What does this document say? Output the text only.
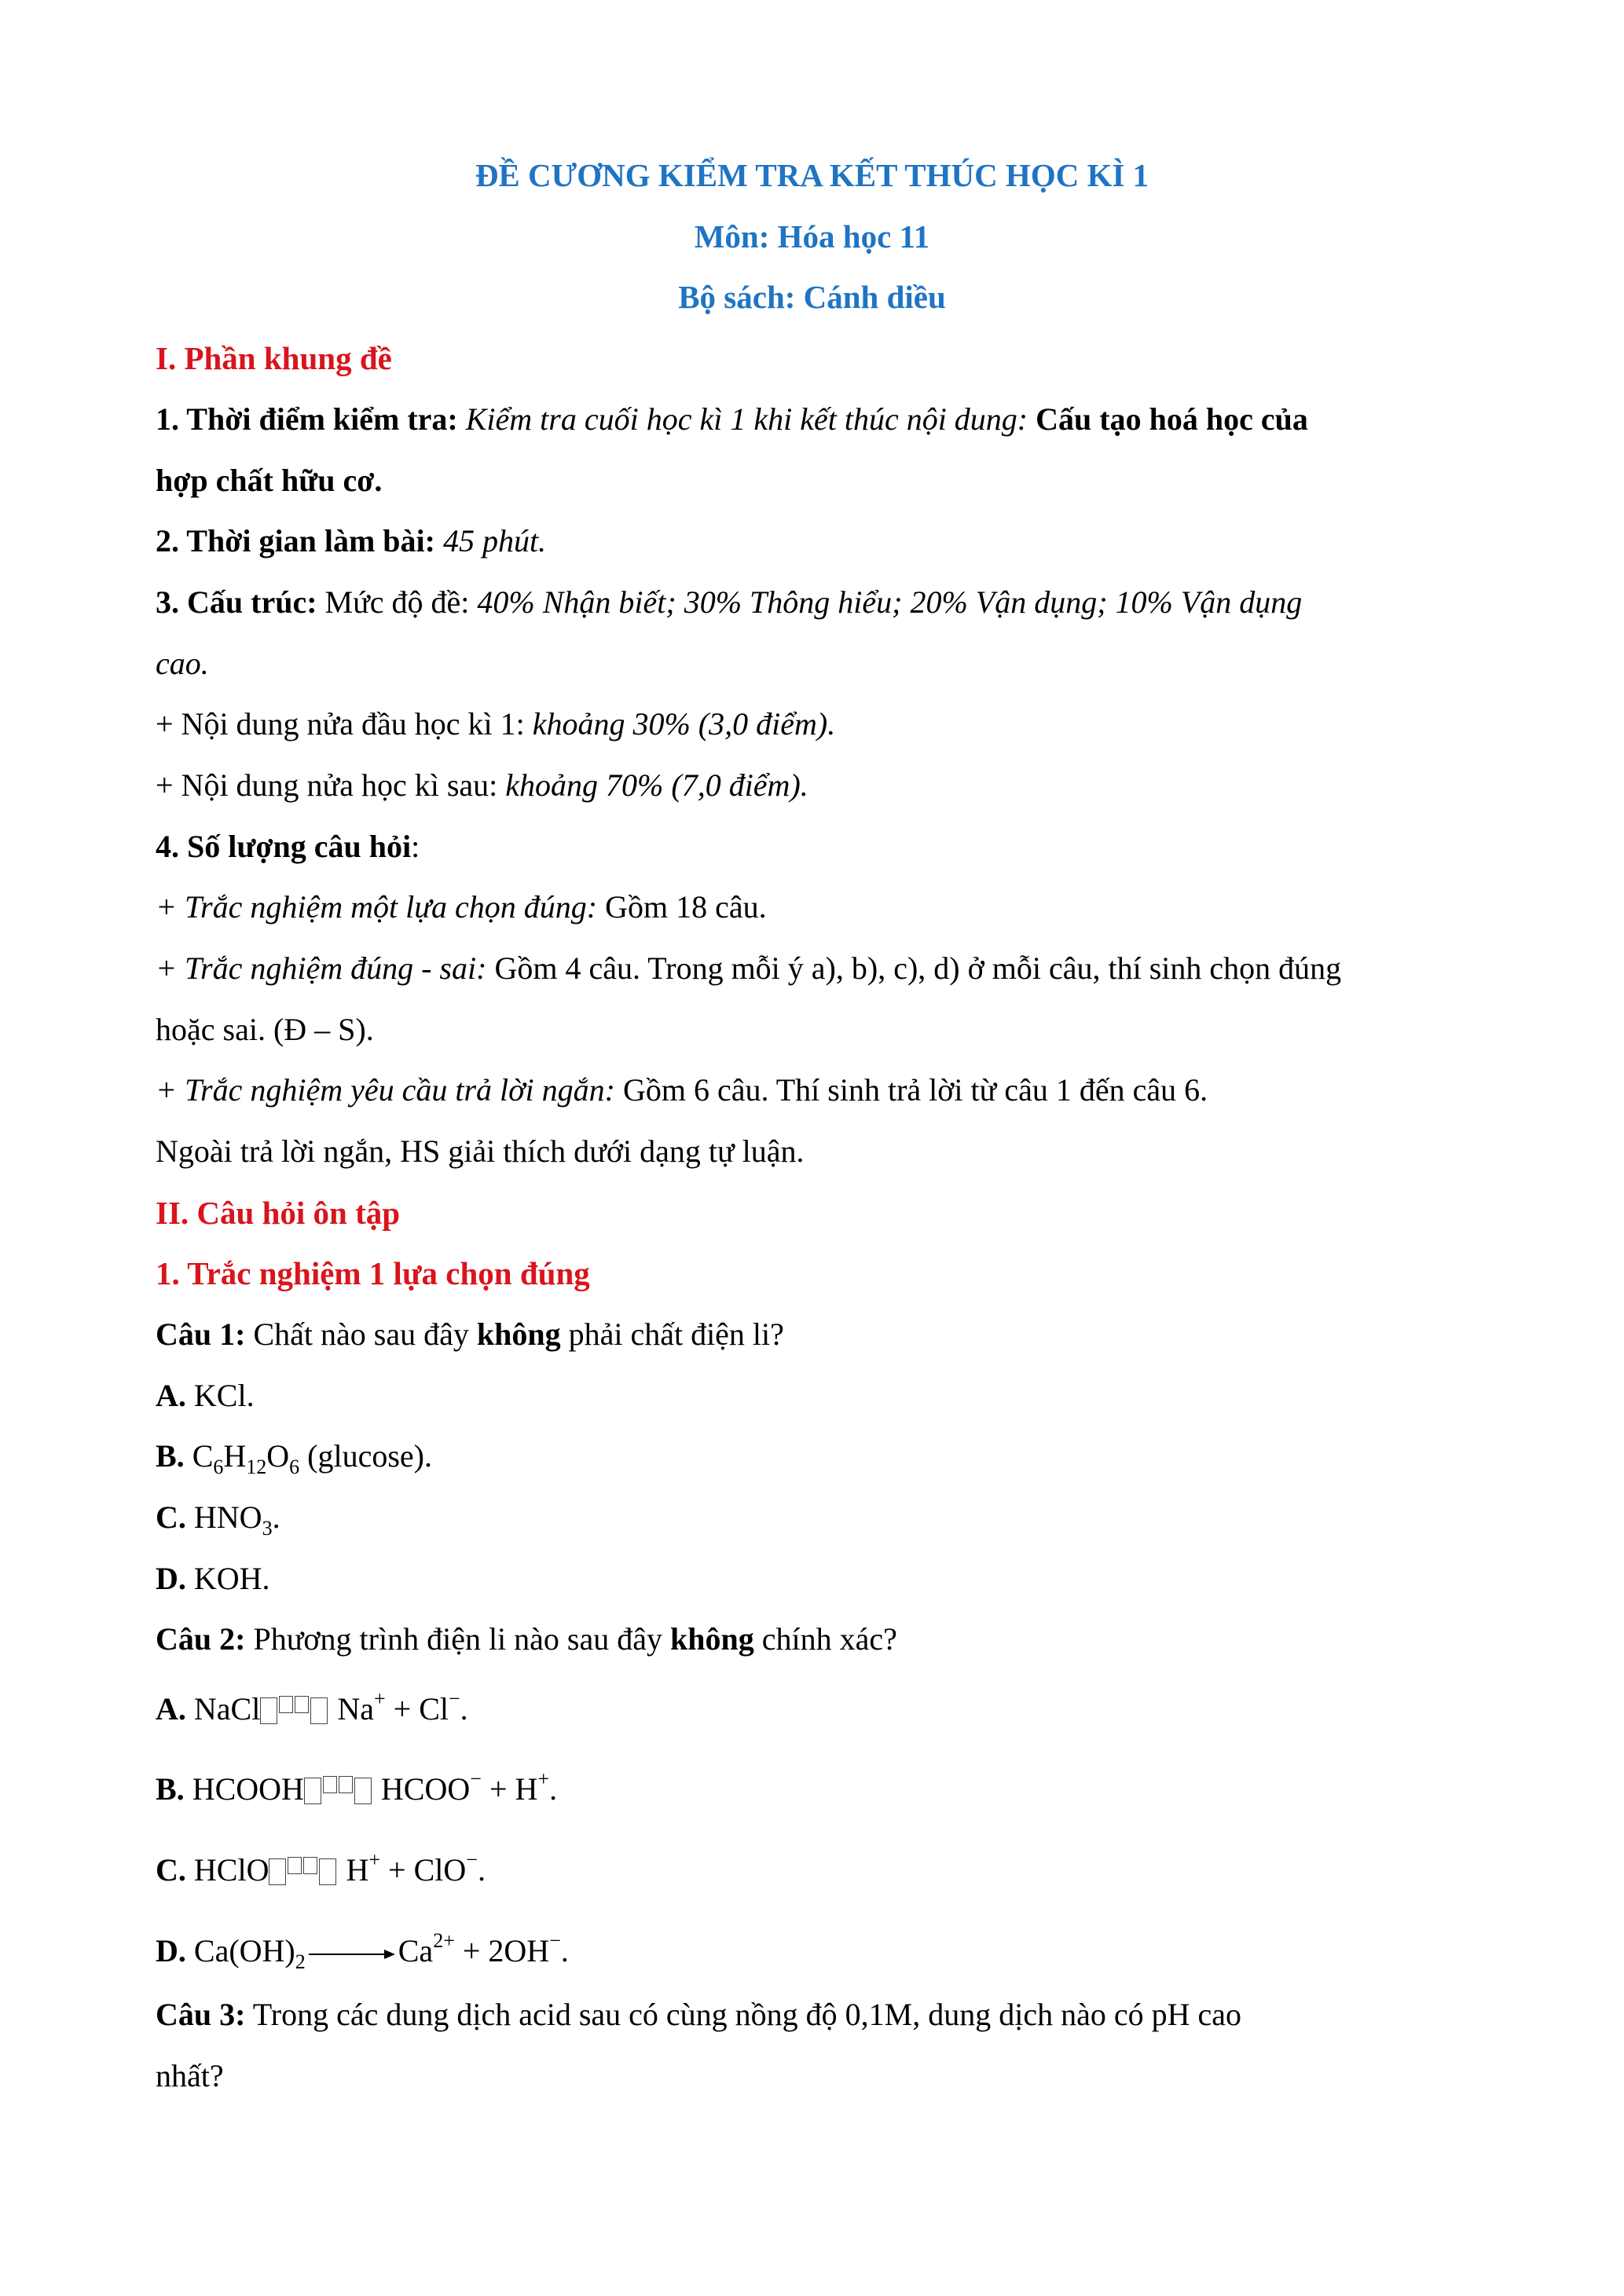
ĐỀ CƯƠNG KIỂM TRA KẾT THÚC HỌC KÌ 1
Môn: Hóa học 11
Bộ sách: Cánh diều
I. Phần khung đề
1. Thời điểm kiểm tra: Kiểm tra cuối học kì 1 khi kết thúc nội dung: Cấu tạo hoá học của
hợp chất hữu cơ.
2. Thời gian làm bài: 45 phút.
3. Cấu trúc: Mức độ đề: 40% Nhận biết; 30% Thông hiểu; 20% Vận dụng; 10% Vận dụng
cao.
+ Nội dung nửa đầu học kì 1: khoảng 30% (3,0 điểm).
+ Nội dung nửa học kì sau: khoảng 70% (7,0 điểm).
4. Số lượng câu hỏi:
+ Trắc nghiệm một lựa chọn đúng: Gồm 18 câu.
+ Trắc nghiệm đúng - sai: Gồm 4 câu. Trong mỗi ý a), b), c), d) ở mỗi câu, thí sinh chọn đúng
hoặc sai. (Đ – S).
+ Trắc nghiệm yêu cầu trả lời ngắn: Gồm 6 câu. Thí sinh trả lời từ câu 1 đến câu 6.
Ngoài trả lời ngắn, HS giải thích dưới dạng tự luận.
II. Câu hỏi ôn tập
1. Trắc nghiệm 1 lựa chọn đúng
Câu 1: Chất nào sau đây không phải chất điện li?
A. KCl.
B. $C_6H_{12}O_6$ (glucose).
C. $HNO_3$.
D. KOH.
Câu 2: Phương trình điện li nào sau đây không chính xác?
A. NaCl Na+ + Cl−.
B. HCOOH HCOO− + H+.
C. HClO H+ + ClO−.
D. $Ca(OH)_2$	$Ca^{2+} + 2OH^-$.
Câu 3: Trong các dung dịch acid sau có cùng nồng độ 0,1M, dung dịch nào có pH cao
nhất?
